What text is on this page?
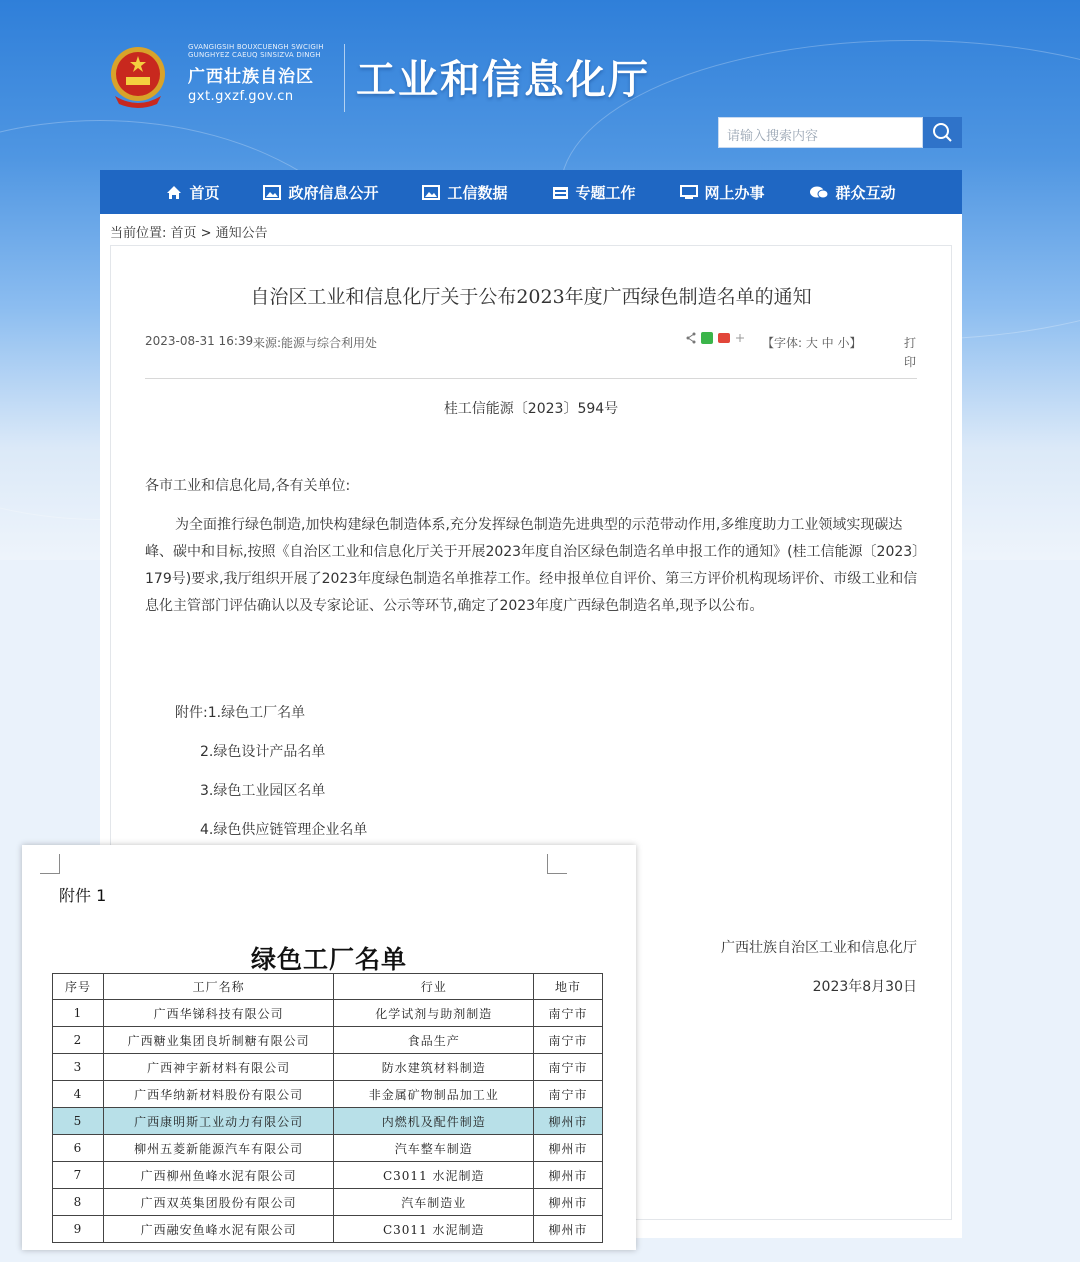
GVANGIGSIH BOUXCUENGH SWCIGIH
GUNGHYEZ CAEUQ SINSIZVA DINGH
广西壮族自治区
gxt.gxzf.gov.cn	工业和信息化厅
请输入搜索内容
首页	政府信息公开	工信数据	专题工作	网上办事	群众互动
当前位置: 首页 > 通知公告
自治区工业和信息化厅关于公布2023年度广西绿色制造名单的通知
2023-08-31 16:39 来源:能源与综合利用处	【字体: 大 中 小】	打印
桂工信能源〔2023〕594号
各市工业和信息化局,各有关单位:
为全面推行绿色制造,加快构建绿色制造体系,充分发挥绿色制造先进典型的示范带动作用,多维度助力工业领域实现碳达峰、碳中和目标,按照《自治区工业和信息化厅关于开展2023年度自治区绿色制造名单申报工作的通知》(桂工信能源〔2023〕179号)要求,我厅组织开展了2023年度绿色制造名单推荐工作。经申报单位自评价、第三方评价机构现场评价、市级工业和信息化主管部门评估确认以及专家论证、公示等环节,确定了2023年度广西绿色制造名单,现予以公布。
附件:1.绿色工厂名单
2.绿色设计产品名单
3.绿色工业园区名单
4.绿色供应链管理企业名单
广西壮族自治区工业和信息化厅
2023年8月30日
附件 1
绿色工厂名单
序号	工厂名称	行业	地市
1	广西华锑科技有限公司	化学试剂与助剂制造	南宁市
2	广西糖业集团良圻制糖有限公司	食品生产	南宁市
3	广西神宇新材料有限公司	防水建筑材料制造	南宁市
4	广西华纳新材料股份有限公司	非金属矿物制品加工业	南宁市
5	广西康明斯工业动力有限公司	内燃机及配件制造	柳州市
6	柳州五菱新能源汽车有限公司	汽车整车制造	柳州市
7	广西柳州鱼峰水泥有限公司	C3011 水泥制造	柳州市
8	广西双英集团股份有限公司	汽车制造业	柳州市
9	广西融安鱼峰水泥有限公司	C3011 水泥制造	柳州市
